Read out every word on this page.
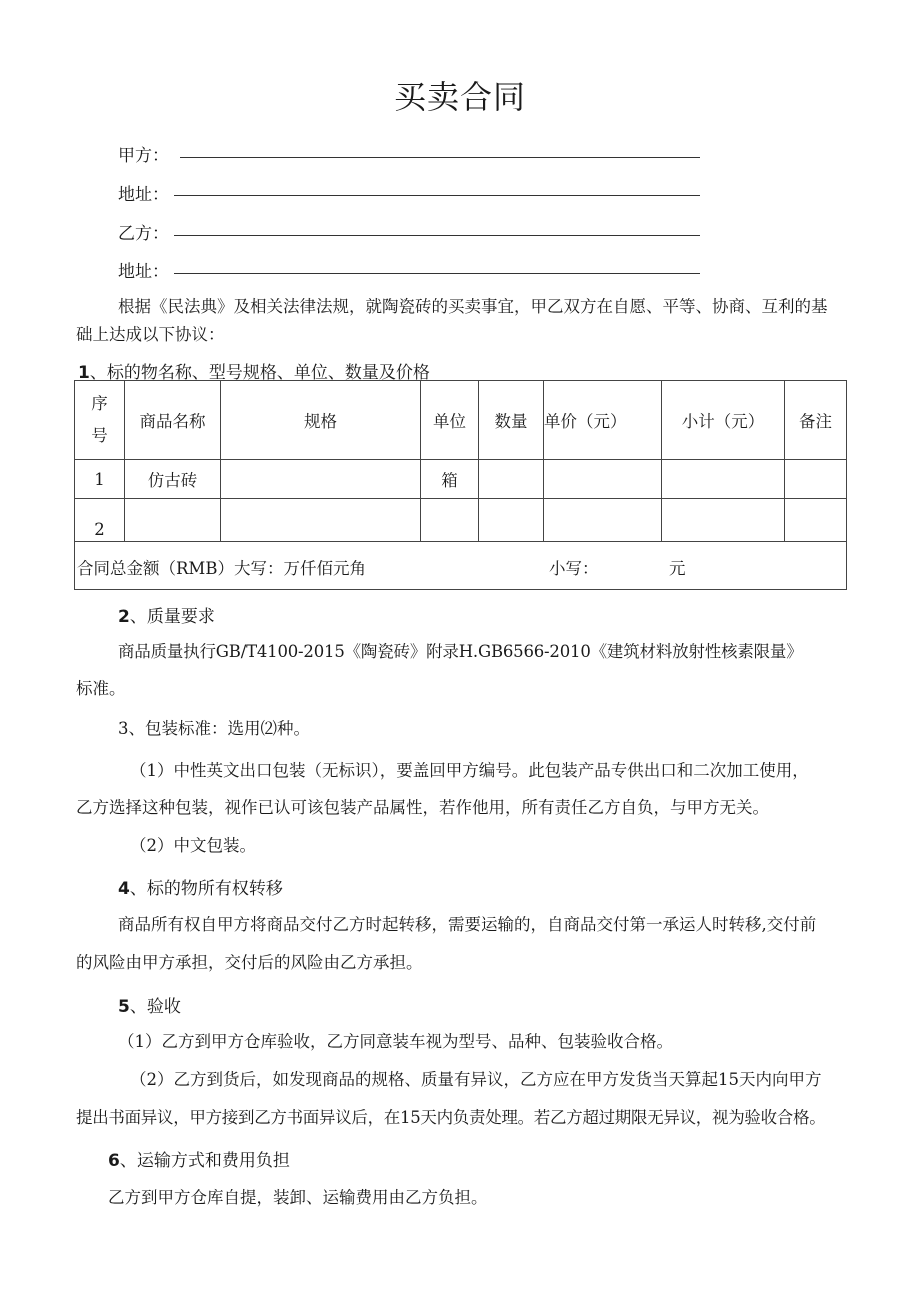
买卖合同
甲方：
地址：
乙方：
地址：
根据《民法典》及相关法律法规，就陶瓷砖的买卖事宜，甲乙双方在自愿、平等、协商、互利的基
础上达成以下协议：
1、标的物名称、型号规格、单位、数量及价格
序
号	商品名称	规格	单位	数量	单价（元）	小计（元）	备注
1	仿古砖		箱				
2							

合同总金额（RMB）大写：万仟佰元角 小写： 元							
2、质量要求
商品质量执行GB/T4100-2015《陶瓷砖》附录H.GB6566-2010《建筑材料放射性核素限量》
标准。
3、包装标准：选用⑵种。
（1）中性英文出口包装（无标识），要盖回甲方编号。此包装产品专供出口和二次加工使用，
乙方选择这种包装，视作已认可该包装产品属性，若作他用，所有责任乙方自负，与甲方无关。
（2）中文包装。
4、标的物所有权转移
商品所有权自甲方将商品交付乙方时起转移，需要运输的，自商品交付第一承运人时转移,交付前
的风险由甲方承担，交付后的风险由乙方承担。
5、验收
（1）乙方到甲方仓库验收，乙方同意装车视为型号、品种、包装验收合格。
（2）乙方到货后，如发现商品的规格、质量有异议，乙方应在甲方发货当天算起15天内向甲方
提出书面异议，甲方接到乙方书面异议后，在15天内负责处理。若乙方超过期限无异议，视为验收合格。
6、运输方式和费用负担
乙方到甲方仓库自提，装卸、运输费用由乙方负担。
